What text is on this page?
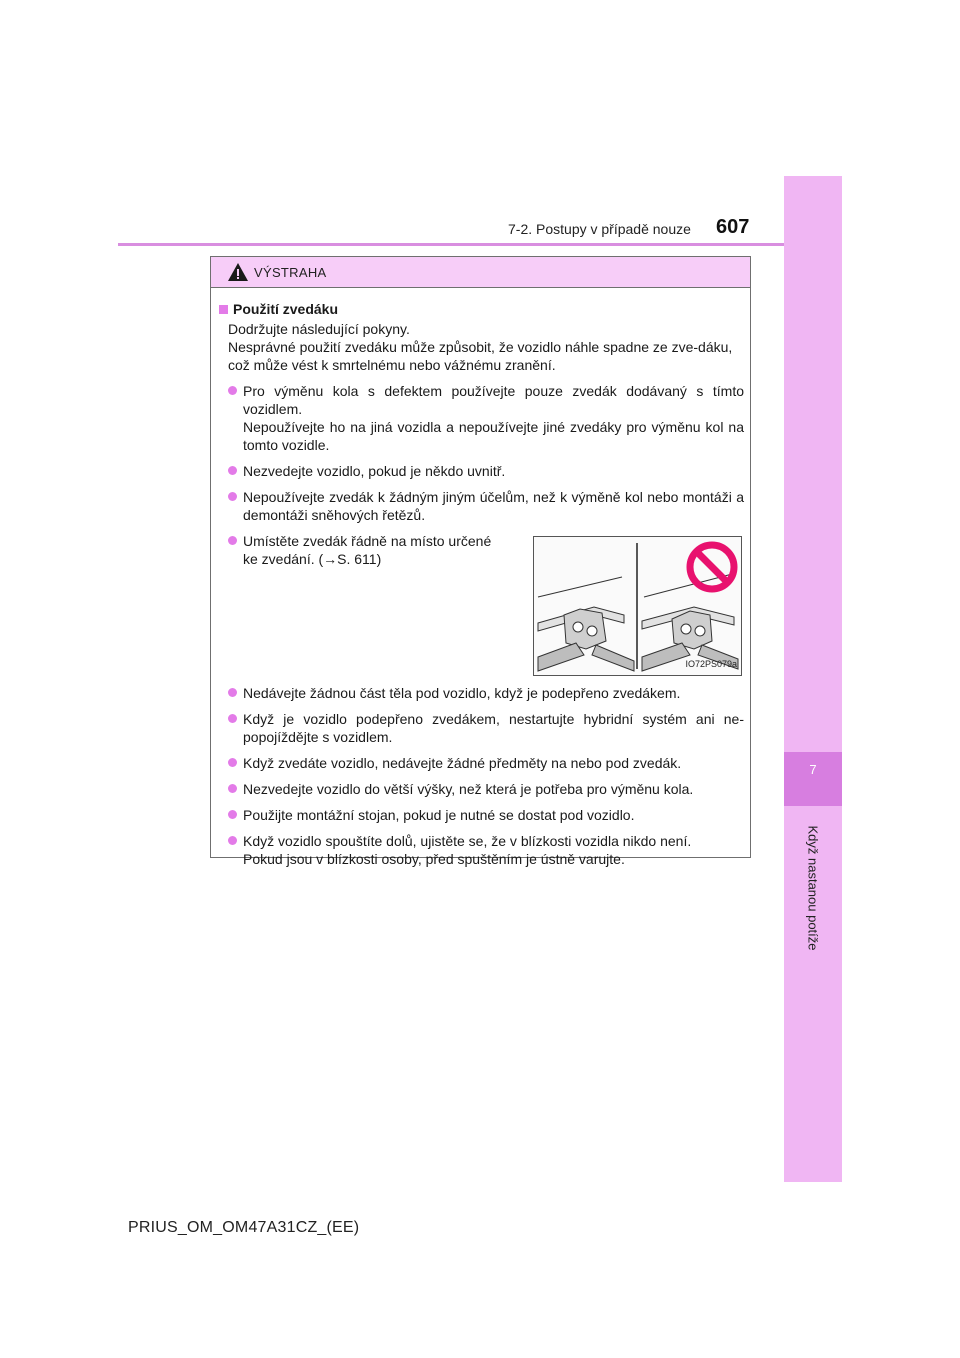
7
Když nastanou potíže
7-2. Postupy v případě nouze 607
VÝSTRAHA
Použití zvedáku
Dodržujte následující pokyny.
Nesprávné použití zvedáku může způsobit, že vozidlo náhle spadne ze zve-dáku, což může vést k smrtelnému nebo vážnému zranění.
Pro výměnu kola s defektem používejte pouze zvedák dodávaný s tímto vozidlem.
Nepoužívejte ho na jiná vozidla a nepoužívejte jiné zvedáky pro výměnu kol na tomto vozidle.
Nezvedejte vozidlo, pokud je někdo uvnitř.
Nepoužívejte zvedák k žádným jiným účelům, než k výměně kol nebo montáži a demontáži sněhových řetězů.
Umístěte zvedák řádně na místo určené ke zvedání. (→S. 611)
IO72PS079a
Nedávejte žádnou část těla pod vozidlo, když je podepřeno zvedákem.
Když je vozidlo podepřeno zvedákem, nestartujte hybridní systém ani ne-popojíždějte s vozidlem.
Když zvedáte vozidlo, nedávejte žádné předměty na nebo pod zvedák.
Nezvedejte vozidlo do větší výšky, než která je potřeba pro výměnu kola.
Použijte montážní stojan, pokud je nutné se dostat pod vozidlo.
Když vozidlo spouštíte dolů, ujistěte se, že v blízkosti vozidla nikdo není.
Pokud jsou v blízkosti osoby, před spuštěním je ústně varujte.
PRIUS_OM_OM47A31CZ_(EE)
